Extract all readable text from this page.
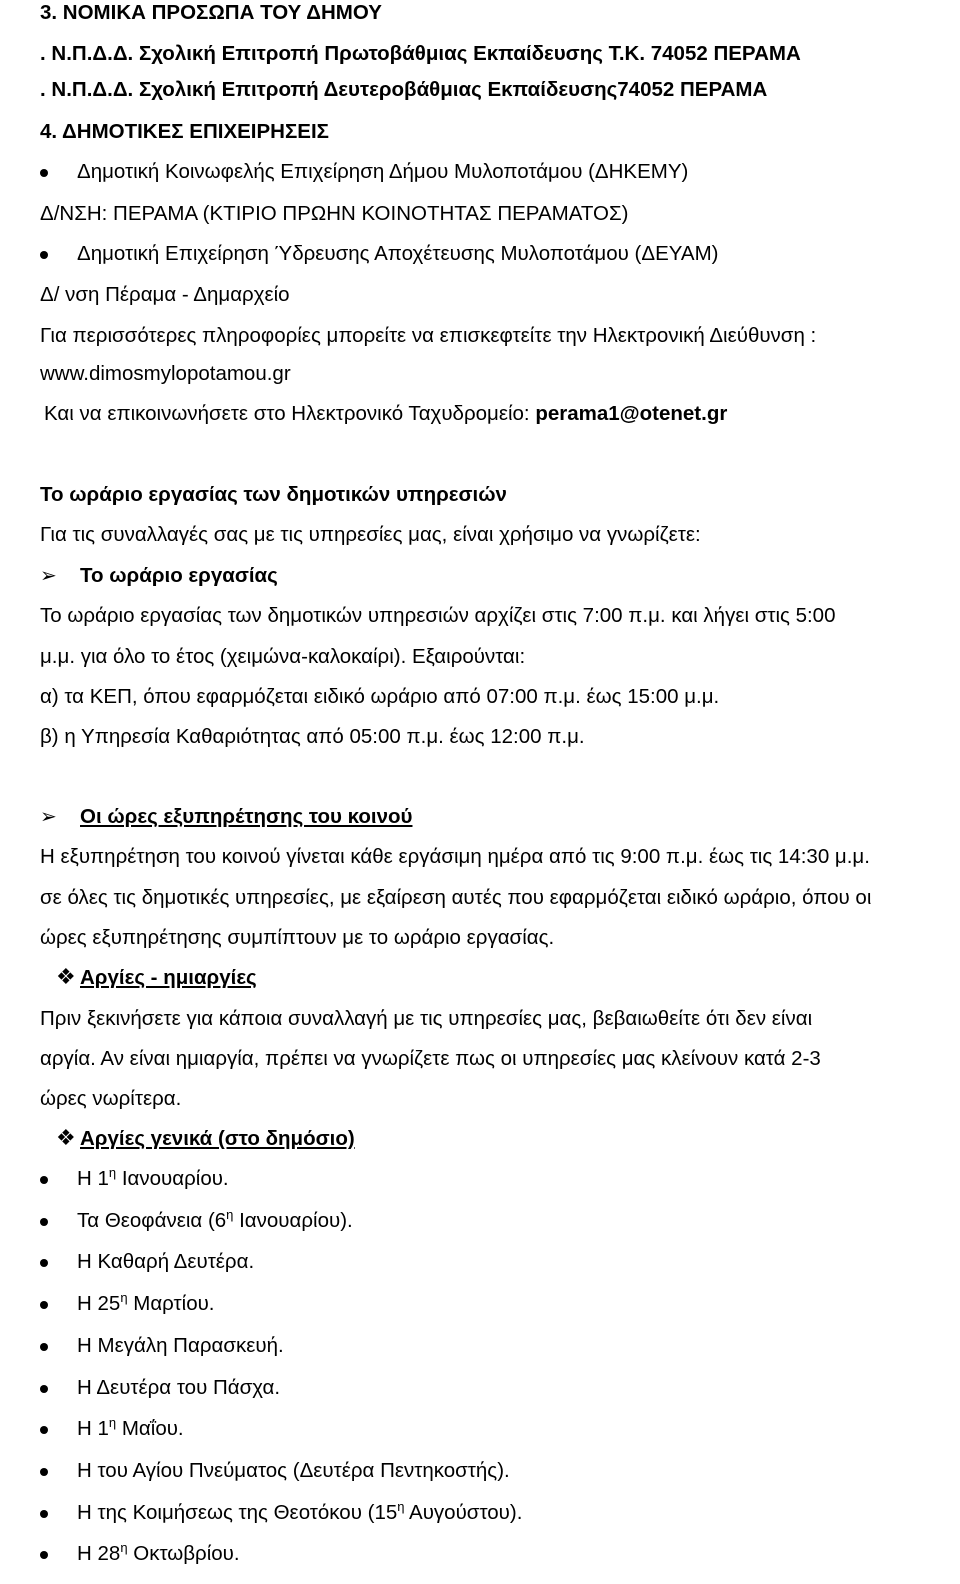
3. ΝΟΜΙΚΑ ΠΡΟΣΩΠΑ ΤΟΥ ΔΗΜΟΥ
. Ν.Π.Δ.Δ. Σχολική Επιτροπή Πρωτοβάθμιας Εκπαίδευσης Τ.Κ. 74052 ΠΕΡΑΜΑ
. Ν.Π.Δ.Δ. Σχολική Επιτροπή Δευτεροβάθμιας Εκπαίδευσης74052 ΠΕΡΑΜΑ
4. ΔΗΜΟΤΙΚΕΣ ΕΠΙΧΕΙΡΗΣΕΙΣ
Δημοτική Κοινωφελής Επιχείρηση Δήμου Μυλοποτάμου (ΔΗΚΕΜΥ)
Δ/ΝΣΗ: ΠΕΡΑΜΑ (ΚΤΙΡΙΟ ΠΡΩΗΝ ΚΟΙΝΟΤΗΤΑΣ ΠΕΡΑΜΑΤΟΣ)
Δημοτική Επιχείρηση Ύδρευσης Αποχέτευσης Μυλοποτάμου (ΔΕΥΑΜ)
Δ/ νση Πέραμα - Δημαρχείο
Για περισσότερες πληροφορίες μπορείτε να επισκεφτείτε την Ηλεκτρονική Διεύθυνση :
www.dimosmylopotamou.gr
Και να επικοινωνήσετε στο Ηλεκτρονικό Ταχυδρομείο: perama1@otenet.gr
Το ωράριο εργασίας των δημοτικών υπηρεσιών
Για τις συναλλαγές σας με τις υπηρεσίες μας, είναι χρήσιμο να γνωρίζετε:
➢ Το ωράριο εργασίας
Το ωράριο εργασίας των δημοτικών υπηρεσιών αρχίζει στις 7:00 π.μ. και λήγει στις 5:00
μ.μ. για όλο το έτος (χειμώνα-καλοκαίρι). Εξαιρούνται:
α) τα ΚΕΠ, όπου εφαρμόζεται ειδικό ωράριο από 07:00 π.μ. έως 15:00 μ.μ.
β) η Υπηρεσία Καθαριότητας από 05:00 π.μ. έως 12:00 π.μ.
➢ Οι ώρες εξυπηρέτησης του κοινού
Η εξυπηρέτηση του κοινού γίνεται κάθε εργάσιμη ημέρα από τις 9:00 π.μ. έως τις 14:30 μ.μ.
σε όλες τις δημοτικές υπηρεσίες, με εξαίρεση αυτές που εφαρμόζεται ειδικό ωράριο, όπου οι
ώρες εξυπηρέτησης συμπίπτουν με το ωράριο εργασίας.
❖ Αργίες - ημιαργίες
Πριν ξεκινήσετε για κάποια συναλλαγή με τις υπηρεσίες μας, βεβαιωθείτε ότι δεν είναι
αργία. Αν είναι ημιαργία, πρέπει να γνωρίζετε πως οι υπηρεσίες μας κλείνουν κατά 2-3
ώρες νωρίτερα.
❖ Αργίες γενικά (στο δημόσιο)
Η $1^\eta$ Ιανουαρίου.
Τα Θεοφάνεια ($6^\eta$ Ιανουαρίου).
Η Καθαρή Δευτέρα.
Η $25^\eta$ Μαρτίου.
Η Μεγάλη Παρασκευή.
Η Δευτέρα του Πάσχα.
Η $1^\eta$ Μαΐου.
Η του Αγίου Πνεύματος (Δευτέρα Πεντηκοστής).
Η της Κοιμήσεως της Θεοτόκου ($15^\eta$ Αυγούστου).
Η $28^\eta$ Οκτωβρίου.
